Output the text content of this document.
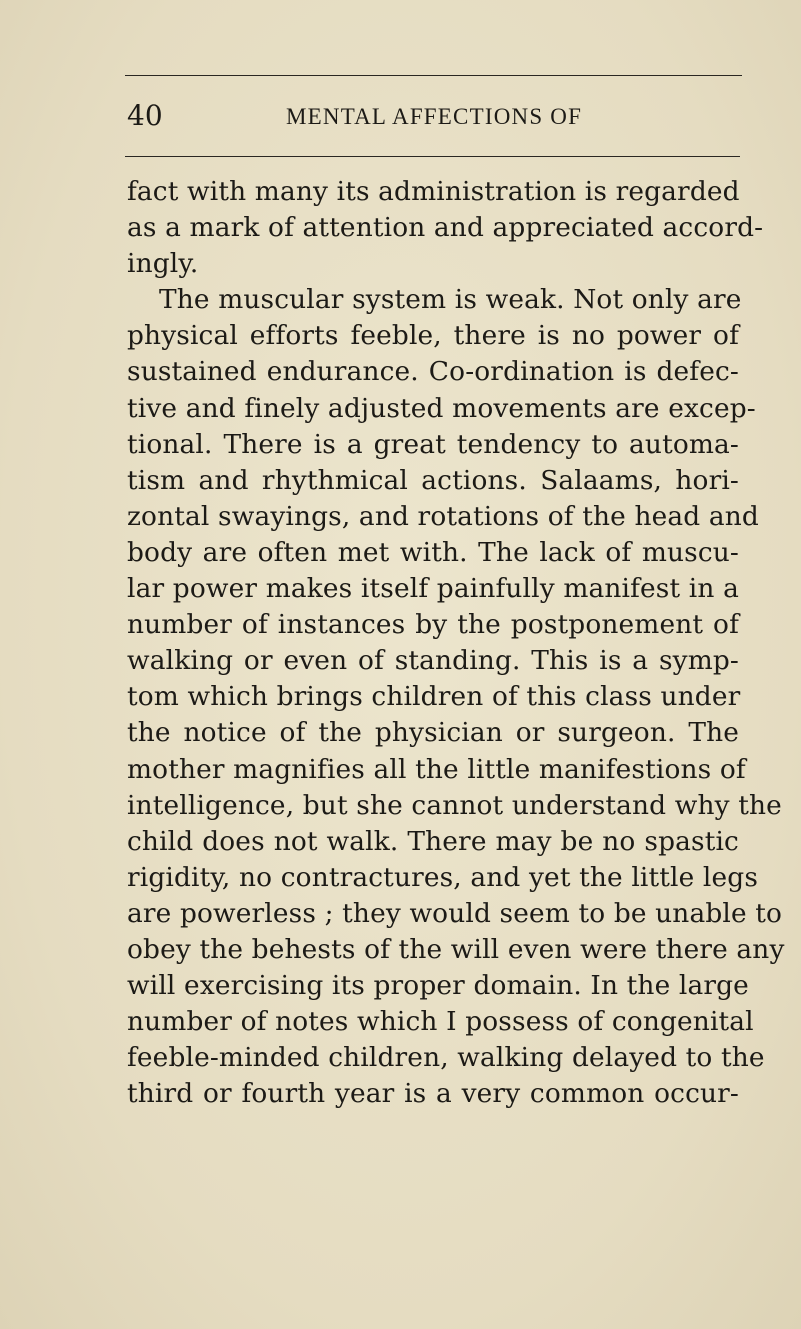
40	MENTAL AFFECTIONS OF
fact with many its administration is regarded
as a mark of attention and appreciated accord-
ingly.
The muscular system is weak. Not only are
physical efforts feeble, there is no power of
sustained endurance. Co-ordination is defec-
tive and finely adjusted movements are excep-
tional. There is a great tendency to automa-
tism and rhythmical actions. Salaams, hori-
zontal swayings, and rotations of the head and
body are often met with. The lack of muscu-
lar power makes itself painfully manifest in a
number of instances by the postponement of
walking or even of standing. This is a symp-
tom which brings children of this class under
the notice of the physician or surgeon. The
mother magnifies all the little manifestions of
intelligence, but she cannot understand why the
child does not walk. There may be no spastic
rigidity, no contractures, and yet the little legs
are powerless ; they would seem to be unable to
obey the behests of the will even were there any
will exercising its proper domain. In the large
number of notes which I possess of congenital
feeble-minded children, walking delayed to the
third or fourth year is a very common occur-
